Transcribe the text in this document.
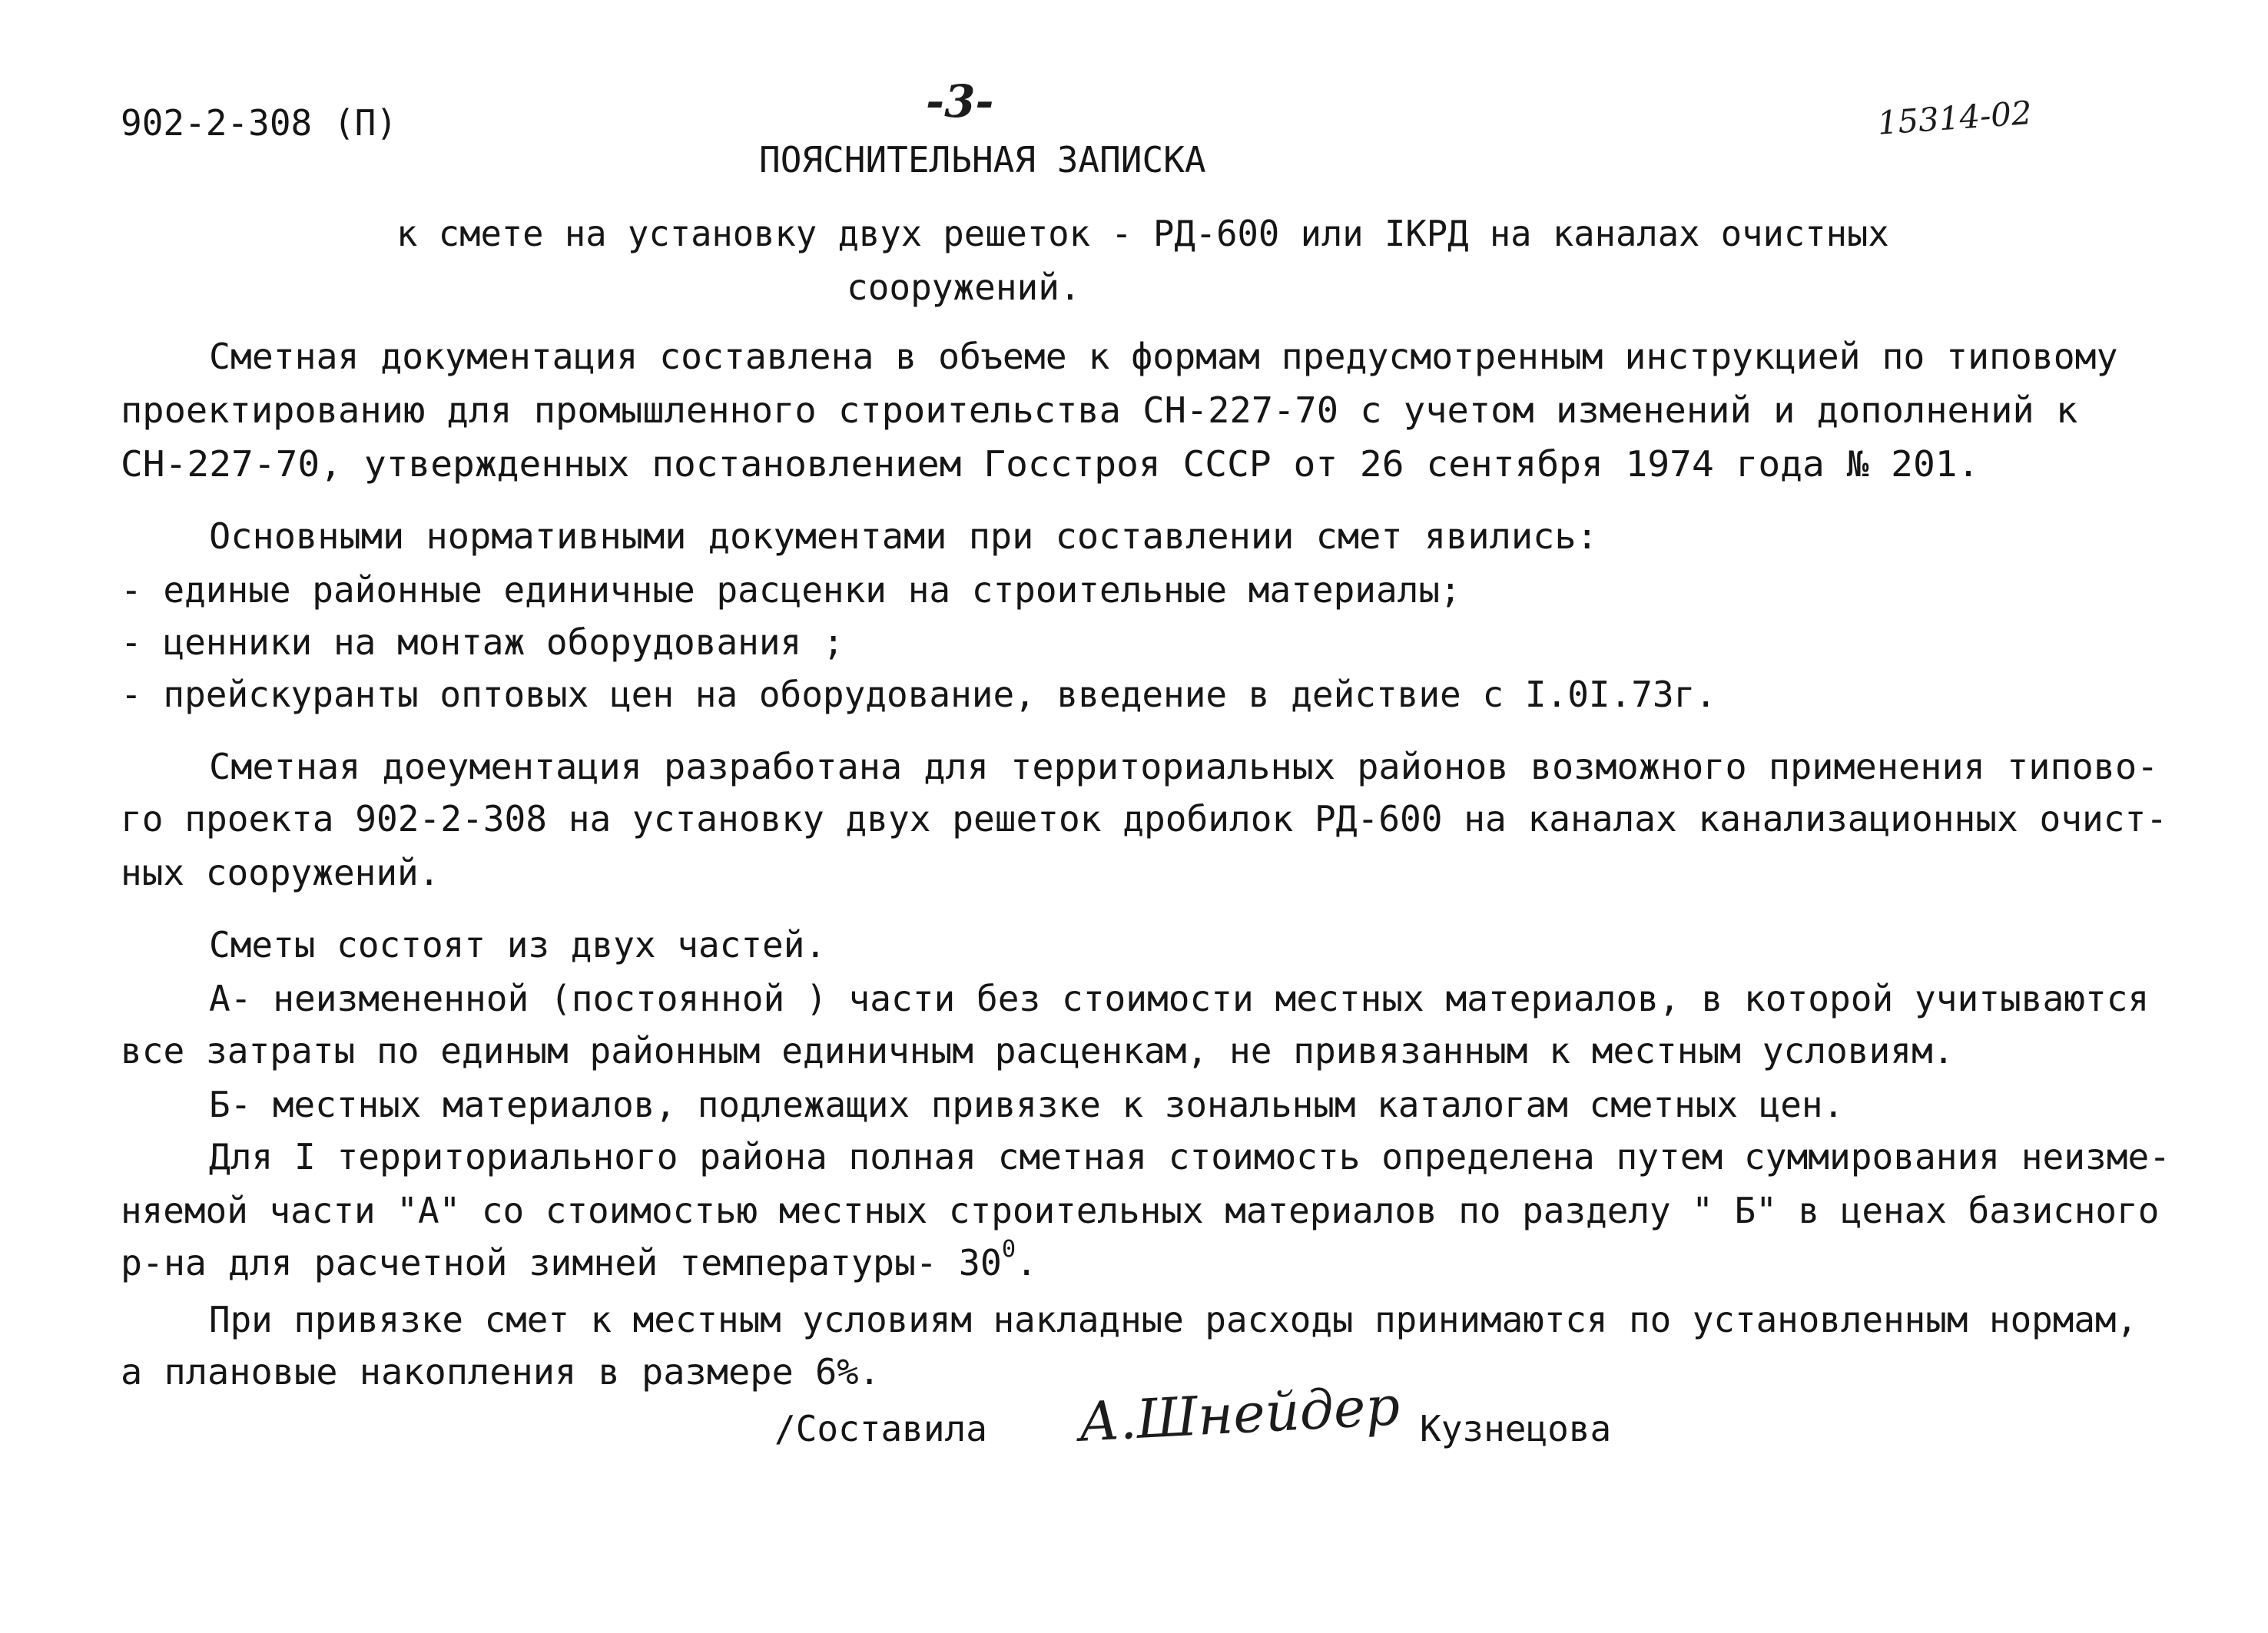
902-2-308 (П)	-3-	15314-02
ПОЯСНИТЕЛЬНАЯ ЗАПИСКА
к смете на установку двух решеток - РД-600 или IКРД на каналах очистных
сооружений.
Сметная документация составлена в объеме к формам предусмотренным инструкцией по типовому
проектированию для промышленного строительства СН-227-70 с учетом изменений и дополнений к
СН-227-70, утвержденных постановлением Госстроя СССР от 26 сентября 1974 года № 201.
Основными нормативными документами при составлении смет явились:
- единые районные единичные расценки на строительные материалы;
- ценники на монтаж оборудования ;
- прейскуранты оптовых цен на оборудование, введение в действие с I.0I.73г.
Сметная доеументация разработана для территориальных районов возможного применения типово-
го проекта 902-2-308 на установку двух решеток дробилок РД-600 на каналах канализационных очист-
ных сооружений.
Сметы состоят из двух частей.
А- неизмененной (постоянной ) части без стоимости местных материалов, в которой учитываются
все затраты по единым районным единичным расценкам, не привязанным к местным условиям.
Б- местных материалов, подлежащих привязке к зональным каталогам сметных цен.
Для I территориального района полная сметная стоимость определена путем суммирования неизме-
няемой части "А" со стоимостью местных строительных материалов по разделу " Б" в ценах базисного
р-на для расчетной зимней температуры- $30^0$.
При привязке смет к местным условиям накладные расходы принимаются по установленным нормам,
а плановые накопления в размере 6%.
/Составила А.Шнейдер Кузнецова
